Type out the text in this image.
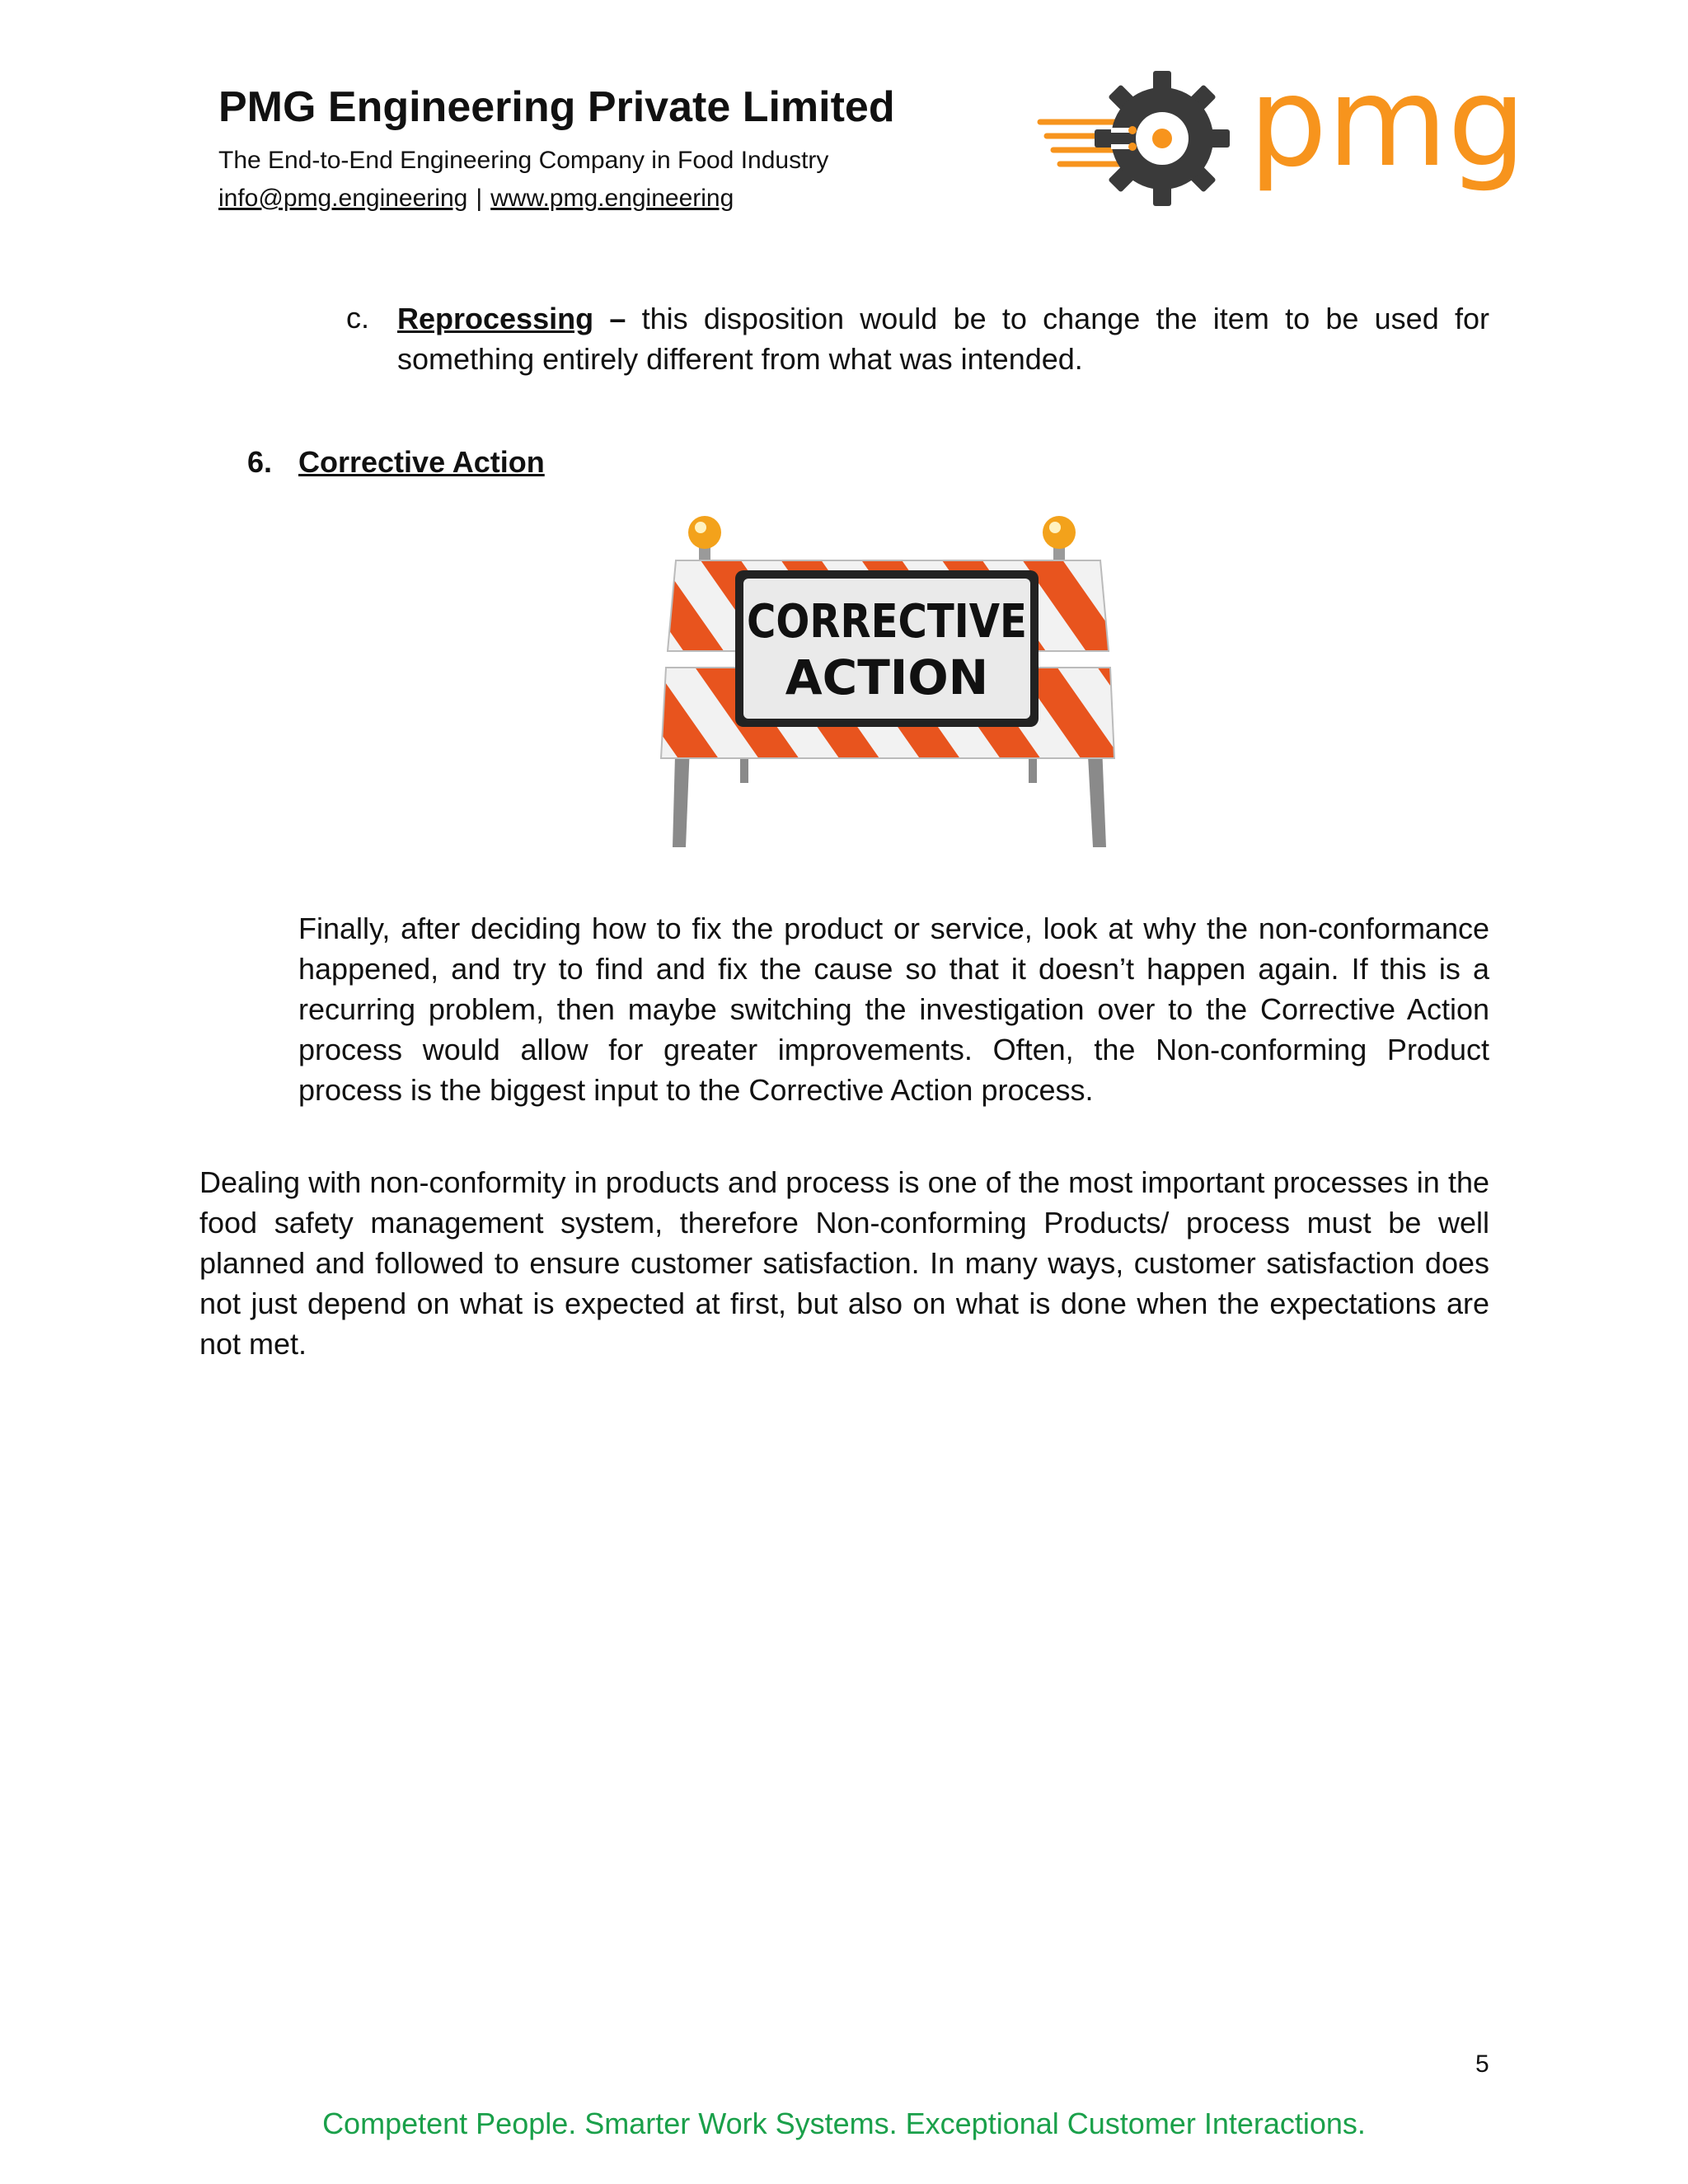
PMG Engineering Private Limited
The End-to-End Engineering Company in Food Industry
info@pmg.engineering | www.pmg.engineering
pmg
c. Reprocessing – this disposition would be to change the item to be used for something entirely different from what was intended.
6. Corrective Action
CORRECTIVE
ACTION
Finally, after deciding how to fix the product or service, look at why the non-conformance happened, and try to find and fix the cause so that it doesn’t happen again. If this is a recurring problem, then maybe switching the investigation over to the Corrective Action process would allow for greater improvements. Often, the Non-conforming Product process is the biggest input to the Corrective Action process.
Dealing with non-conformity in products and process is one of the most important processes in the food safety management system, therefore Non-conforming Products/ process must be well planned and followed to ensure customer satisfaction. In many ways, customer satisfaction does not just depend on what is expected at first, but also on what is done when the expectations are not met.
5
Competent People. Smarter Work Systems. Exceptional Customer Interactions.
